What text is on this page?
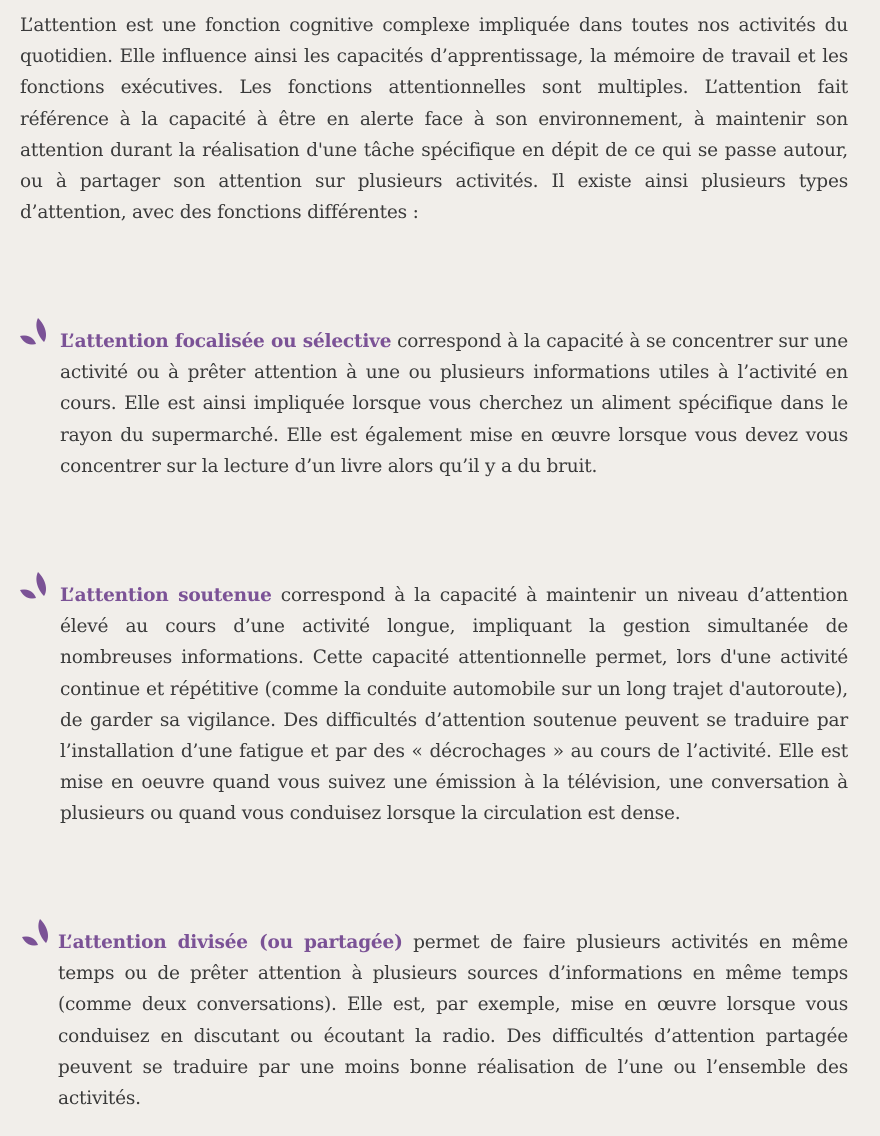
L’attention est une fonction cognitive complexe impliquée dans toutes nos activités du quotidien. Elle influence ainsi les capacités d’apprentissage, la mémoire de travail et les fonctions exécutives. Les fonctions attentionnelles sont multiples. L’attention fait référence à la capacité à être en alerte face à son environnement, à maintenir son attention durant la réalisation d'une tâche spécifique en dépit de ce qui se passe autour, ou à partager son attention sur plusieurs activités. Il existe ainsi plusieurs types d’attention, avec des fonctions différentes :
L’attention focalisée ou sélective correspond à la capacité à se concentrer sur une activité ou à prêter attention à une ou plusieurs informations utiles à l’activité en cours. Elle est ainsi impliquée lorsque vous cherchez un aliment spécifique dans le rayon du supermarché. Elle est également mise en œuvre lorsque vous devez vous concentrer sur la lecture d’un livre alors qu’il y a du bruit.
L’attention soutenue correspond à la capacité à maintenir un niveau d’attention élevé au cours d’une activité longue, impliquant la gestion simultanée de nombreuses informations. Cette capacité attentionnelle permet, lors d'une activité continue et répétitive (comme la conduite automobile sur un long trajet d'autoroute), de garder sa vigilance. Des difficultés d’attention soutenue peuvent se traduire par l’installation d’une fatigue et par des « décrochages » au cours de l’activité. Elle est mise en oeuvre quand vous suivez une émission à la télévision, une conversation à plusieurs ou quand vous conduisez lorsque la circulation est dense.
L’attention divisée (ou partagée) permet de faire plusieurs activités en même temps ou de prêter attention à plusieurs sources d’informations en même temps (comme deux conversations). Elle est, par exemple, mise en œuvre lorsque vous conduisez en discutant ou écoutant la radio. Des difficultés d’attention partagée peuvent se traduire par une moins bonne réalisation de l’une ou l’ensemble des activités.
